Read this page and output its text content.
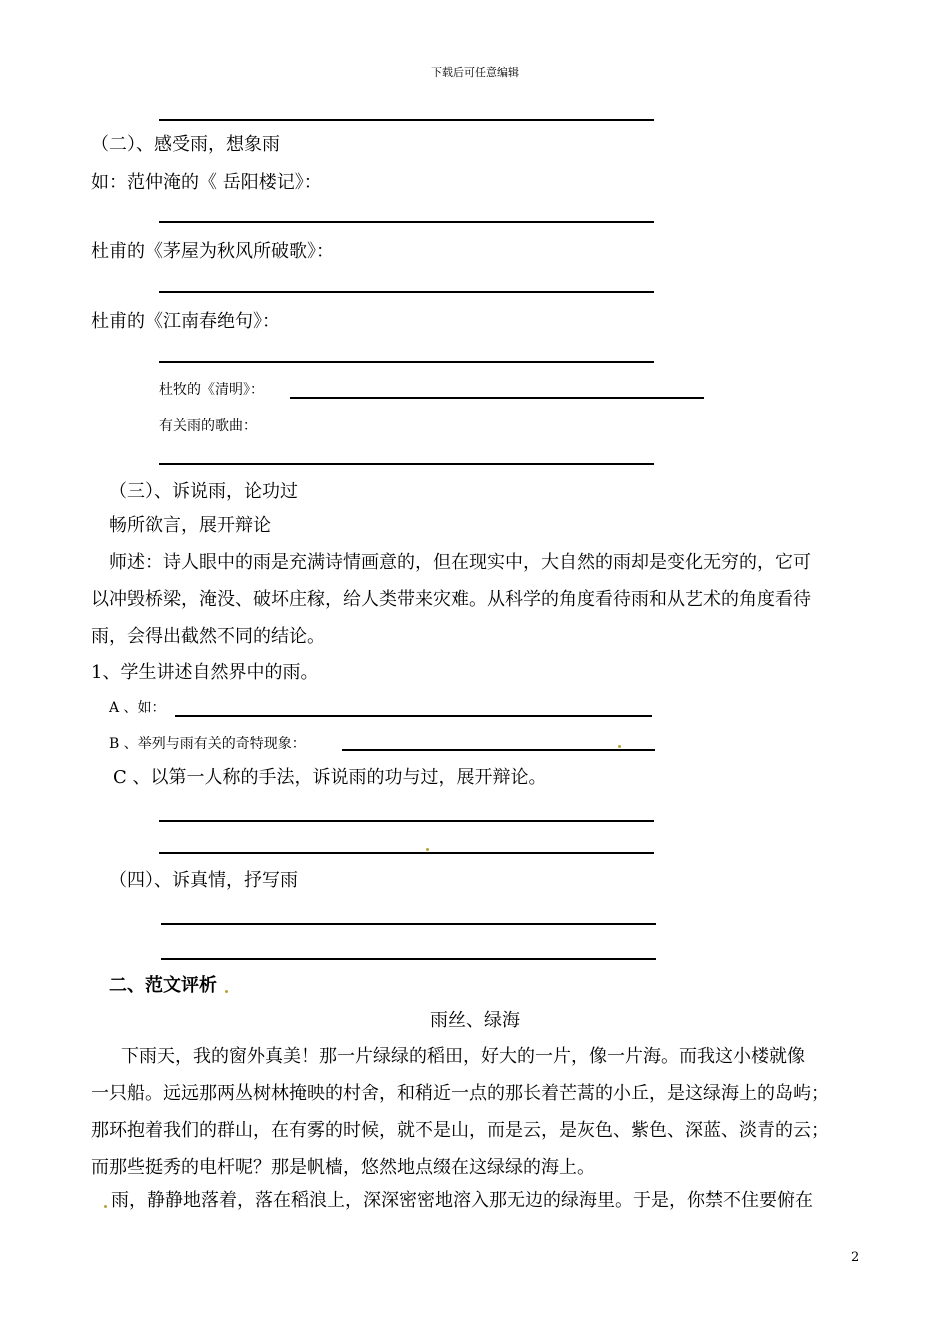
下载后可任意编辑
（二）、感受雨，想象雨
如：范仲淹的《 岳阳楼记》：
杜甫的《茅屋为秋风所破歌》：
杜甫的《江南春绝句》：
杜牧的《清明》：
有关雨的歌曲：
（三）、诉说雨，论功过
畅所欲言，展开辩论
师述：诗人眼中的雨是充满诗情画意的，但在现实中，大自然的雨却是变化无穷的，它可
以冲毁桥梁，淹没、破坏庄稼，给人类带来灾难。从科学的角度看待雨和从艺术的角度看待
雨，会得出截然不同的结论。
1、学生讲述自然界中的雨。
A 、如：
B 、举列与雨有关的奇特现象：
C 、以第一人称的手法，诉说雨的功与过，展开辩论。
（四）、诉真情，抒写雨
二、范文评析
雨丝、绿海
下雨天，我的窗外真美！那一片绿绿的稻田，好大的一片，像一片海。而我这小楼就像
一只船。远远那两丛树林掩映的村舍，和稍近一点的那长着芒蒿的小丘，是这绿海上的岛屿；
那环抱着我们的群山，在有雾的时候，就不是山，而是云，是灰色、紫色、深蓝、淡青的云；
而那些挺秀的电杆呢？那是帆樯，悠然地点缀在这绿绿的海上。
雨，静静地落着，落在稻浪上，深深密密地溶入那无边的绿海里。于是，你禁不住要俯在
2
